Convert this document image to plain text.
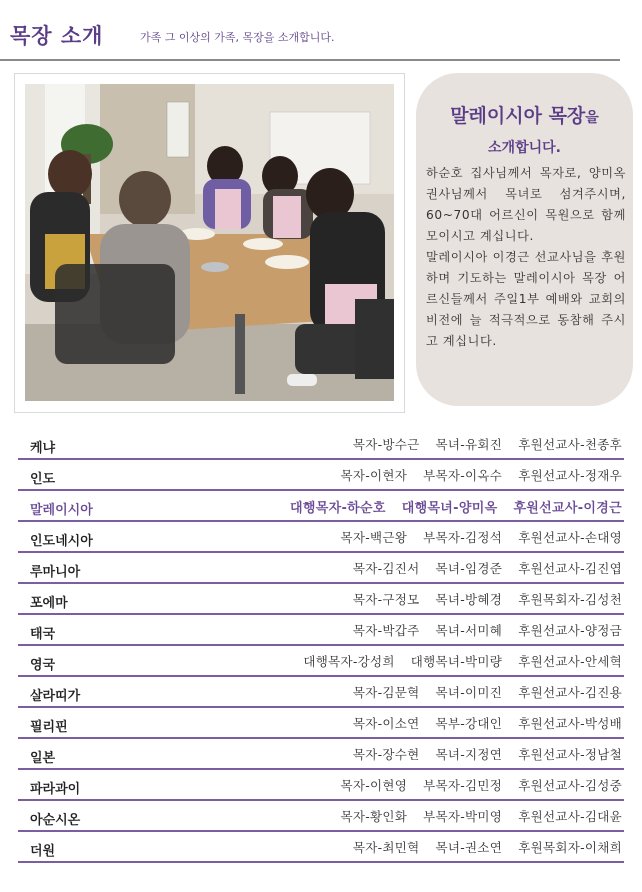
목장 소개	가족 그 이상의 가족, 목장을 소개합니다.
말레이시아 목장을
소개합니다.

하순호 집사님께서 목자로, 양미옥 권사님께서 목녀로 섬겨주시며, 60~70대 어르신이 목원으로 함께 모이시고 계십니다.

말레이시아 이경근 선교사님을 후원하며 기도하는 말레이시아 목장 어르신들께서 주일1부 예배와 교회의 비전에 늘 적극적으로 동참해 주시고 계십니다.

케냐	목자-방수근 목녀-유회진 후원선교사-천종후
인도	목자-이현자 부목자-이옥수 후원선교사-정재우
말레이시아	대행목자-하순호 대행목녀-양미옥 후원선교사-이경근
인도네시아	목자-백근왕 부목자-김정석 후원선교사-손대영
루마니아	목자-김진서 목녀-임경준 후원선교사-김진엽
포에마	목자-구정모 목녀-방혜경 후원목회자-김성천
태국	목자-박갑주 목녀-서미혜 후원선교사-양정금
영국	대행목자-강성희 대행목녀-박미량 후원선교사-안세혁
살라띠가	목자-김문혁 목녀-이미진 후원선교사-김진용
필리핀	목자-이소연 목부-강대인 후원선교사-박성배
일본	목자-장수현 목녀-지정연 후원선교사-정남철
파라과이	목자-이현영 부목자-김민정 후원선교사-김성중
아순시온	목자-황인화 부목자-박미영 후원선교사-김대윤
더원	목자-최민혁 목녀-권소연 후원목회자-이채희
